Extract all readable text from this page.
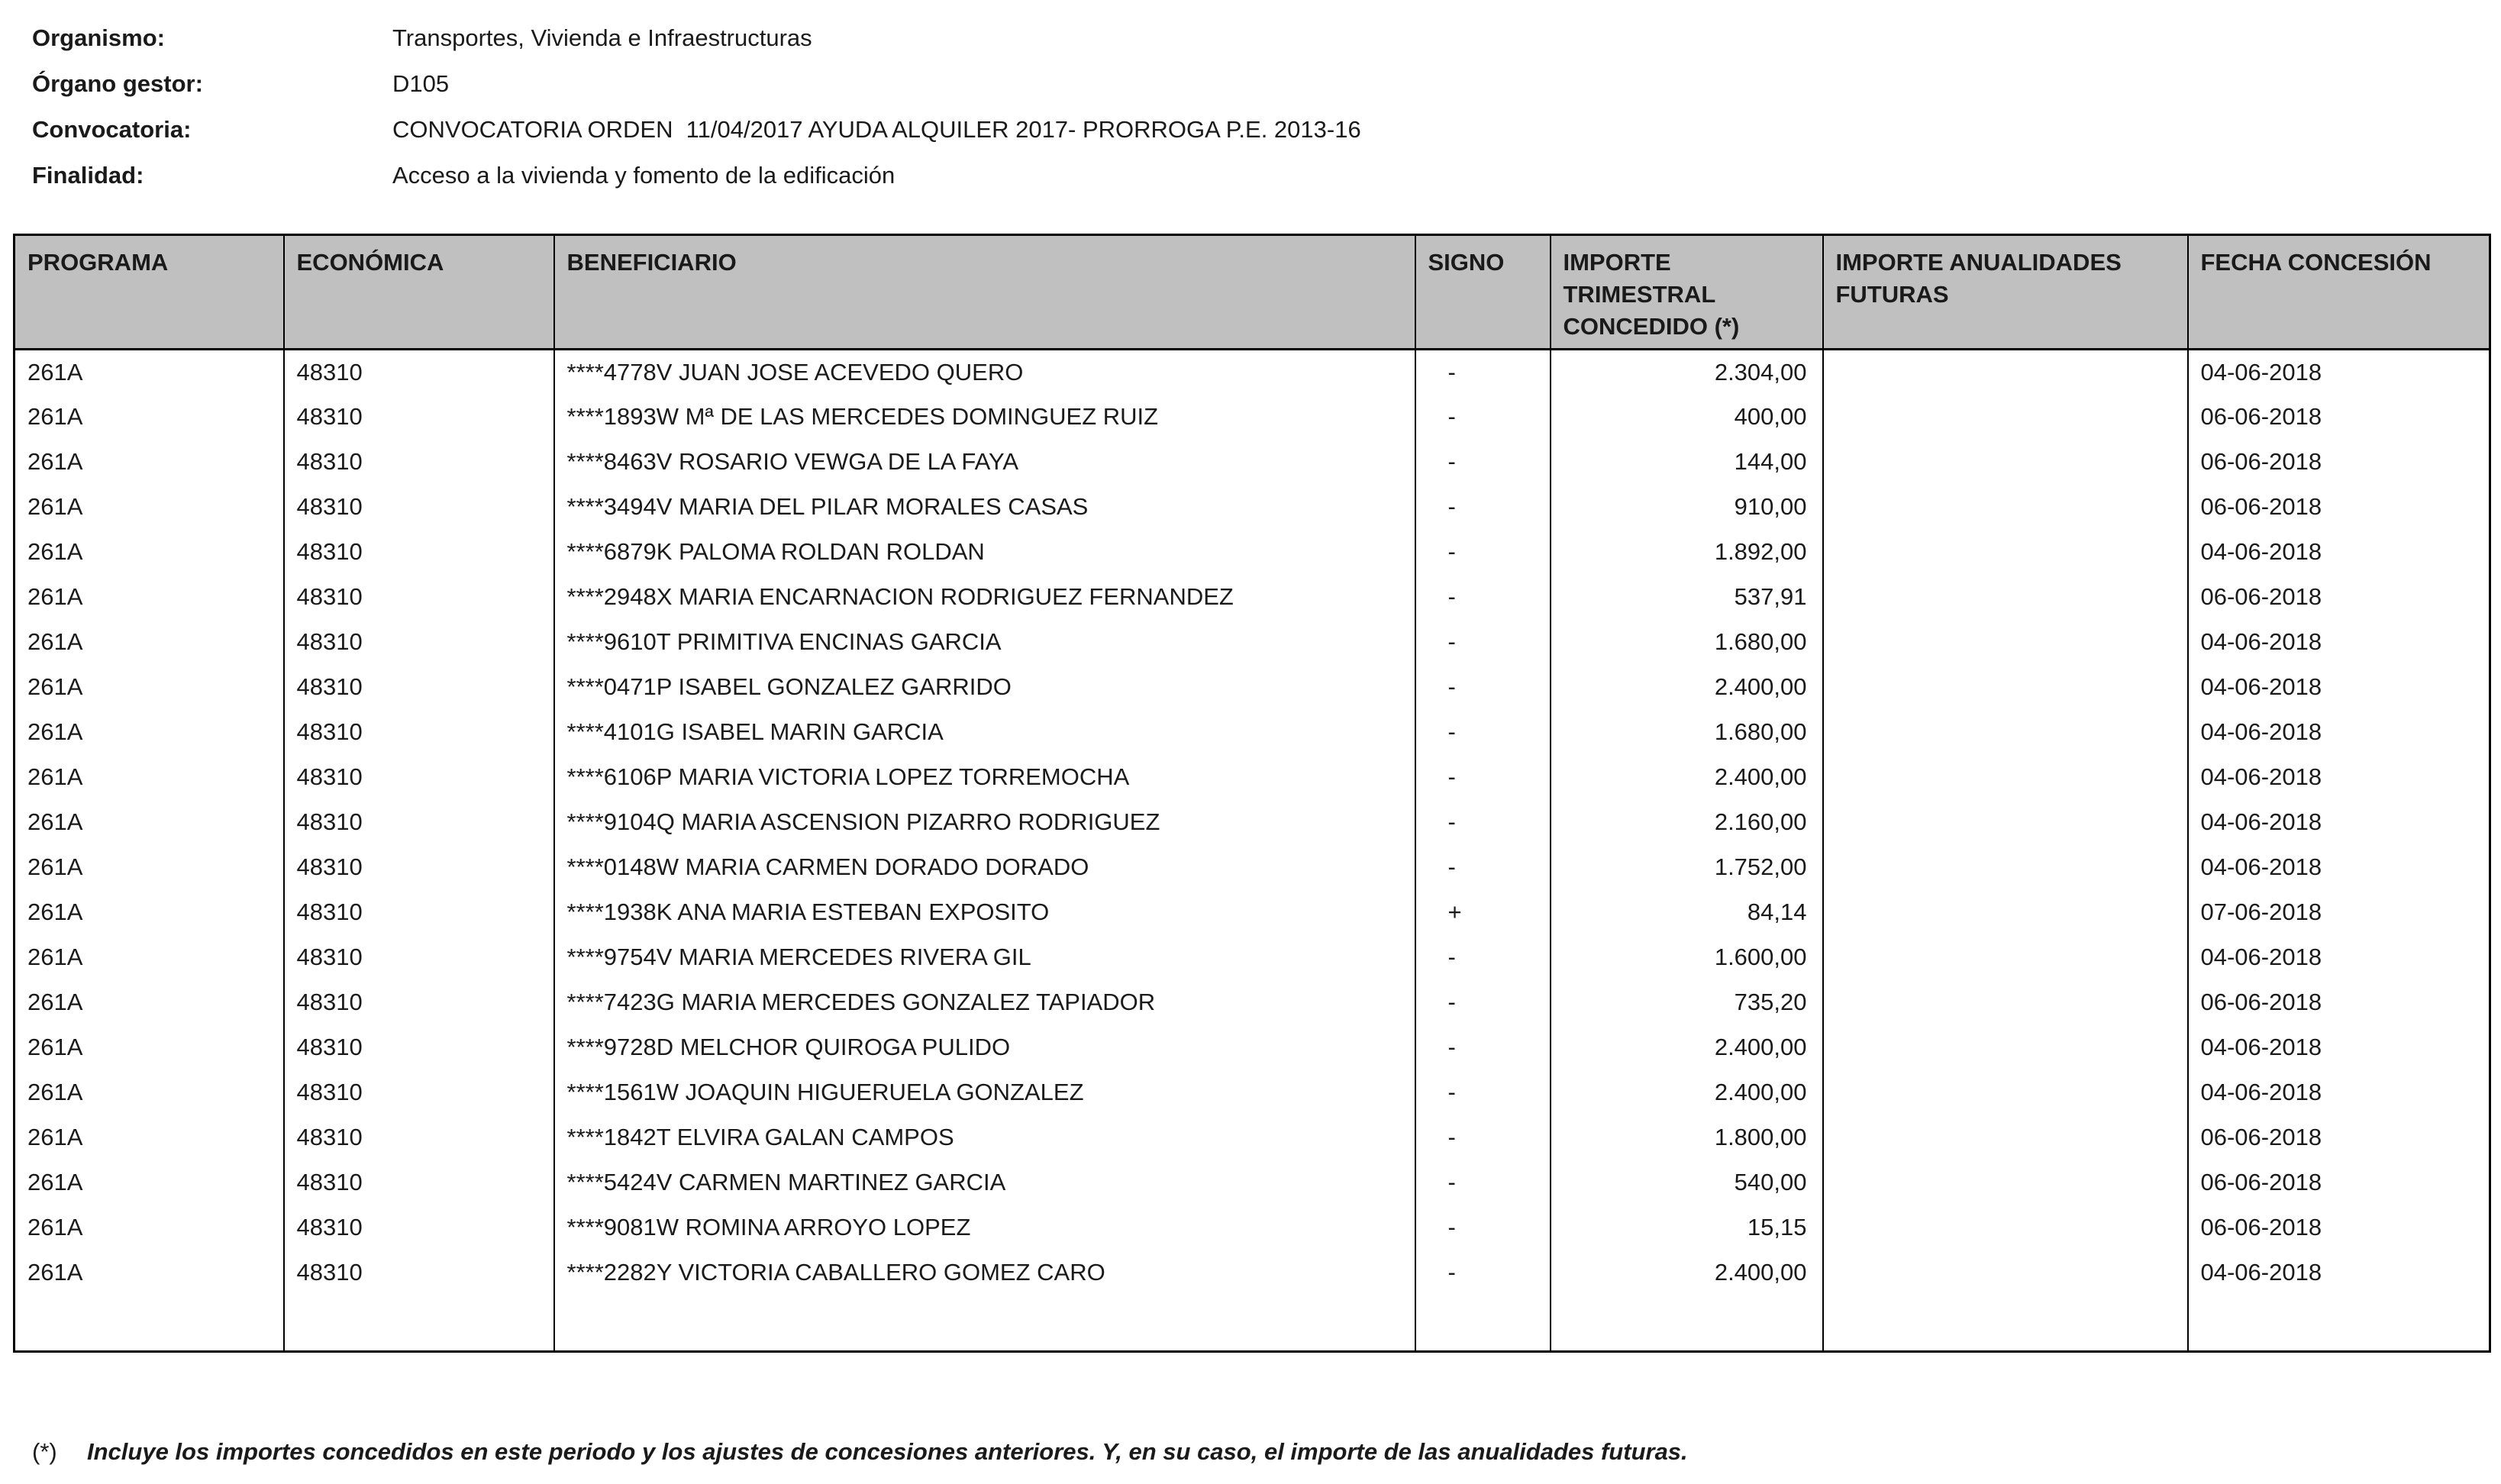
Organismo:	Transportes, Vivienda e Infraestructuras
Órgano gestor:	D105
Convocatoria:	CONVOCATORIA ORDEN  11/04/2017 AYUDA ALQUILER 2017- PRORROGA P.E. 2013-16
Finalidad:	Acceso a la vivienda y fomento de la edificación
PROGRAMA	ECONÓMICA	BENEFICIARIO	SIGNO	IMPORTE TRIMESTRAL CONCEDIDO (*)	IMPORTE ANUALIDADES FUTURAS	FECHA CONCESIÓN
261A	48310	****4778V JUAN JOSE ACEVEDO QUERO	-	2.304,00		04-06-2018
261A	48310	****1893W Mª DE LAS MERCEDES DOMINGUEZ RUIZ	-	400,00		06-06-2018
261A	48310	****8463V ROSARIO VEWGA DE LA FAYA	-	144,00		06-06-2018
261A	48310	****3494V MARIA DEL PILAR MORALES CASAS	-	910,00		06-06-2018
261A	48310	****6879K PALOMA ROLDAN ROLDAN	-	1.892,00		04-06-2018
261A	48310	****2948X MARIA ENCARNACION RODRIGUEZ FERNANDEZ	-	537,91		06-06-2018
261A	48310	****9610T PRIMITIVA ENCINAS GARCIA	-	1.680,00		04-06-2018
261A	48310	****0471P ISABEL GONZALEZ GARRIDO	-	2.400,00		04-06-2018
261A	48310	****4101G ISABEL MARIN GARCIA	-	1.680,00		04-06-2018
261A	48310	****6106P MARIA VICTORIA LOPEZ TORREMOCHA	-	2.400,00		04-06-2018
261A	48310	****9104Q MARIA ASCENSION PIZARRO RODRIGUEZ	-	2.160,00		04-06-2018
261A	48310	****0148W MARIA CARMEN DORADO DORADO	-	1.752,00		04-06-2018
261A	48310	****1938K ANA MARIA ESTEBAN EXPOSITO	+	84,14		07-06-2018
261A	48310	****9754V MARIA MERCEDES RIVERA GIL	-	1.600,00		04-06-2018
261A	48310	****7423G MARIA MERCEDES GONZALEZ TAPIADOR	-	735,20		06-06-2018
261A	48310	****9728D MELCHOR QUIROGA PULIDO	-	2.400,00		04-06-2018
261A	48310	****1561W JOAQUIN HIGUERUELA GONZALEZ	-	2.400,00		04-06-2018
261A	48310	****1842T ELVIRA GALAN CAMPOS	-	1.800,00		06-06-2018
261A	48310	****5424V CARMEN MARTINEZ GARCIA	-	540,00		06-06-2018
261A	48310	****9081W ROMINA ARROYO LOPEZ	-	15,15		06-06-2018
261A	48310	****2282Y VICTORIA CABALLERO GOMEZ CARO	-	2.400,00		04-06-2018

(*)	Incluye los importes concedidos en este periodo y los ajustes de concesiones anteriores. Y, en su caso, el importe de las anualidades futuras.
